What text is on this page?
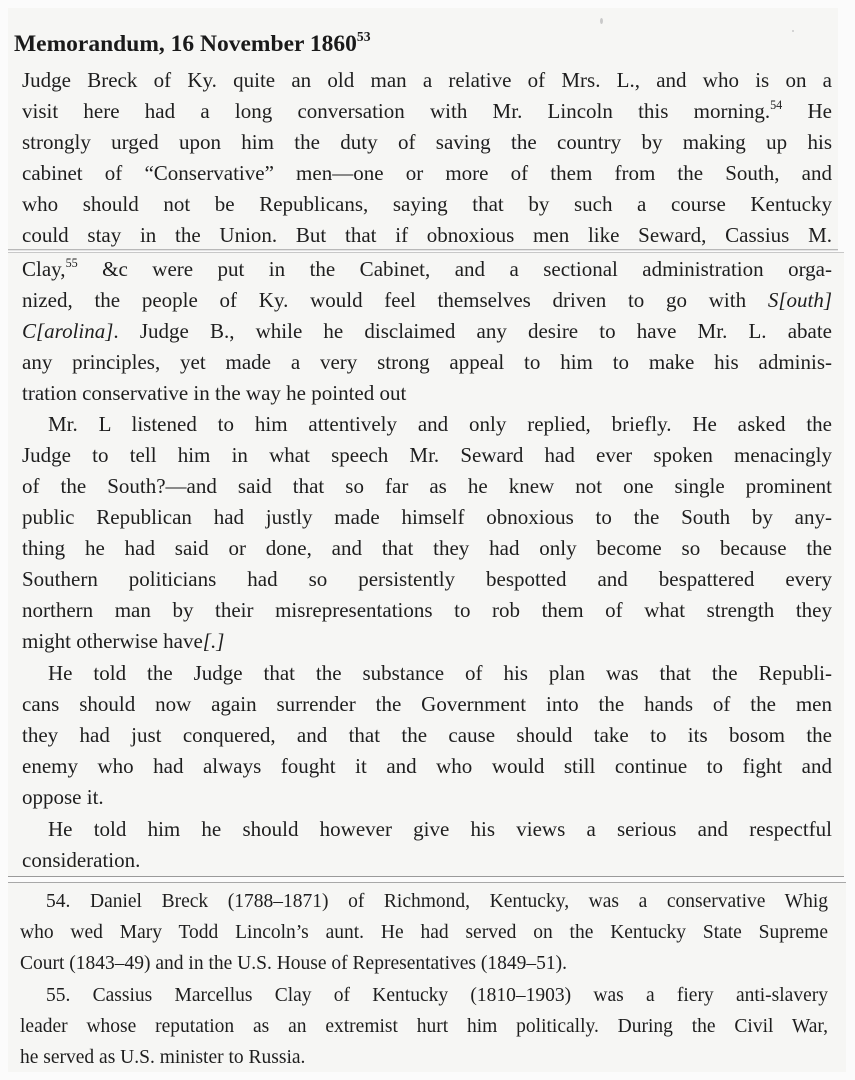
Memorandum, 16 November 1860$^{53}$
Judge Breck of Ky. quite an old man a relative of Mrs. L., and who is on a
visit here had a long conversation with Mr. Lincoln this morning.$^{54}$ He
strongly urged upon him the duty of saving the country by making up his
cabinet of “Conservative” men—one or more of them from the South, and
who should not be Republicans, saying that by such a course Kentucky
could stay in the Union. But that if obnoxious men like Seward, Cassius M.
Clay,$^{55}$ &c were put in the Cabinet, and a sectional administration orga-
nized, the people of Ky. would feel themselves driven to go with S[outh]
C[arolina]. Judge B., while he disclaimed any desire to have Mr. L. abate
any principles, yet made a very strong appeal to him to make his adminis-
tration conservative in the way he pointed out
Mr. L listened to him attentively and only replied, briefly. He asked the
Judge to tell him in what speech Mr. Seward had ever spoken menacingly
of the South?—and said that so far as he knew not one single prominent
public Republican had justly made himself obnoxious to the South by any-
thing he had said or done, and that they had only become so because the
Southern politicians had so persistently bespotted and bespattered every
northern man by their misrepresentations to rob them of what strength they
might otherwise have[.]
He told the Judge that the substance of his plan was that the Republi-
cans should now again surrender the Government into the hands of the men
they had just conquered, and that the cause should take to its bosom the
enemy who had always fought it and who would still continue to fight and
oppose it.
He told him he should however give his views a serious and respectful
consideration.
54. Daniel Breck (1788–1871) of Richmond, Kentucky, was a conservative Whig
who wed Mary Todd Lincoln’s aunt. He had served on the Kentucky State Supreme
Court (1843–49) and in the U.S. House of Representatives (1849–51).
55. Cassius Marcellus Clay of Kentucky (1810–1903) was a fiery anti-slavery
leader whose reputation as an extremist hurt him politically. During the Civil War,
he served as U.S. minister to Russia.
